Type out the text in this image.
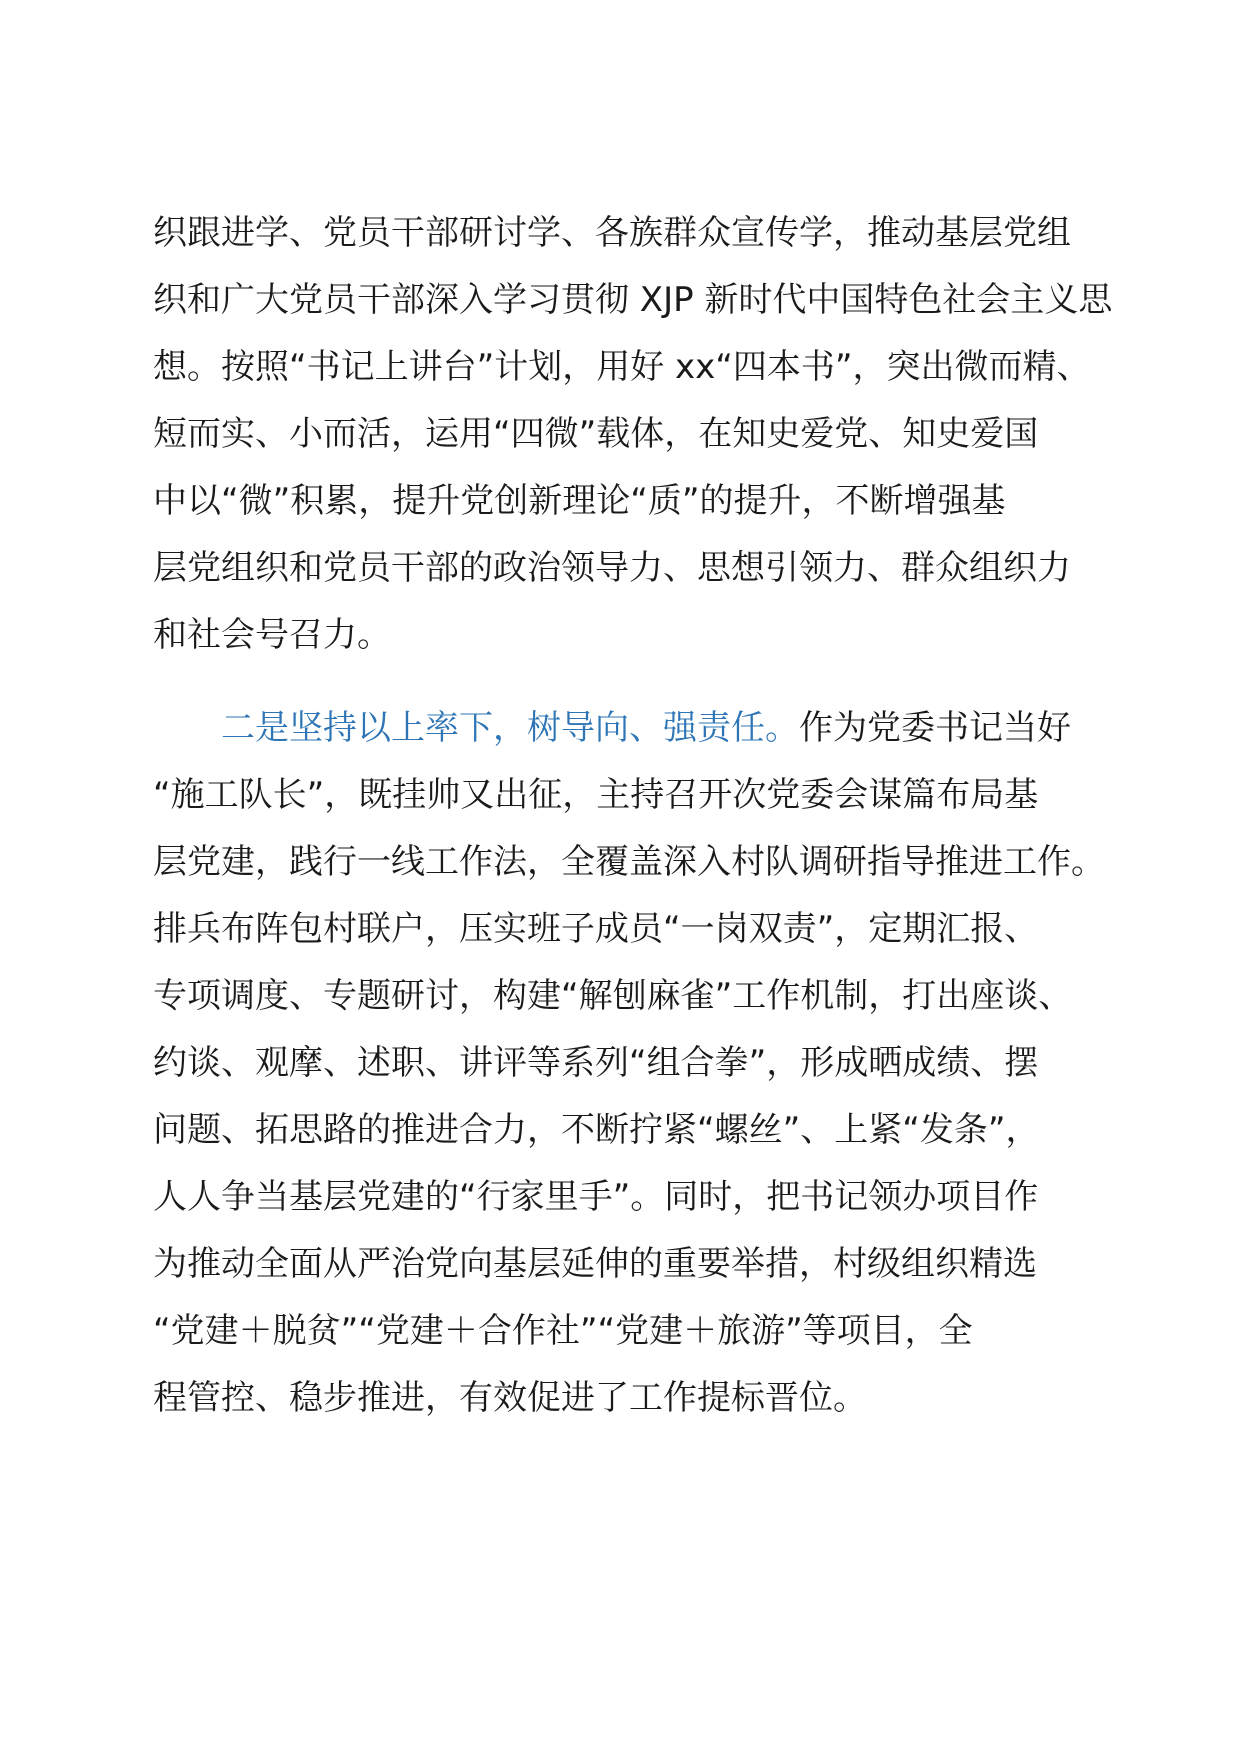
织跟进学、党员干部研讨学、各族群众宣传学，推动基层党组
织和广大党员干部深入学习贯彻 XJP 新时代中国特色社会主义思
想。按照“书记上讲台”计划，用好 xx“四本书”，突出微而精、
短而实、小而活，运用“四微”载体，在知史爱党、知史爱国
中以“微”积累，提升党创新理论“质”的提升，不断增强基
层党组织和党员干部的政治领导力、思想引领力、群众组织力
和社会号召力。
二是坚持以上率下，树导向、强责任。作为党委书记当好
“施工队长”，既挂帅又出征，主持召开次党委会谋篇布局基
层党建，践行一线工作法，全覆盖深入村队调研指导推进工作。
排兵布阵包村联户，压实班子成员“一岗双责”，定期汇报、
专项调度、专题研讨，构建“解刨麻雀”工作机制，打出座谈、
约谈、观摩、述职、讲评等系列“组合拳”，形成晒成绩、摆
问题、拓思路的推进合力，不断拧紧“螺丝”、上紧“发条”，
人人争当基层党建的“行家里手”。同时，把书记领办项目作
为推动全面从严治党向基层延伸的重要举措，村级组织精选
“党建＋脱贫”“党建＋合作社”“党建＋旅游”等项目，全
程管控、稳步推进，有效促进了工作提标晋位。
